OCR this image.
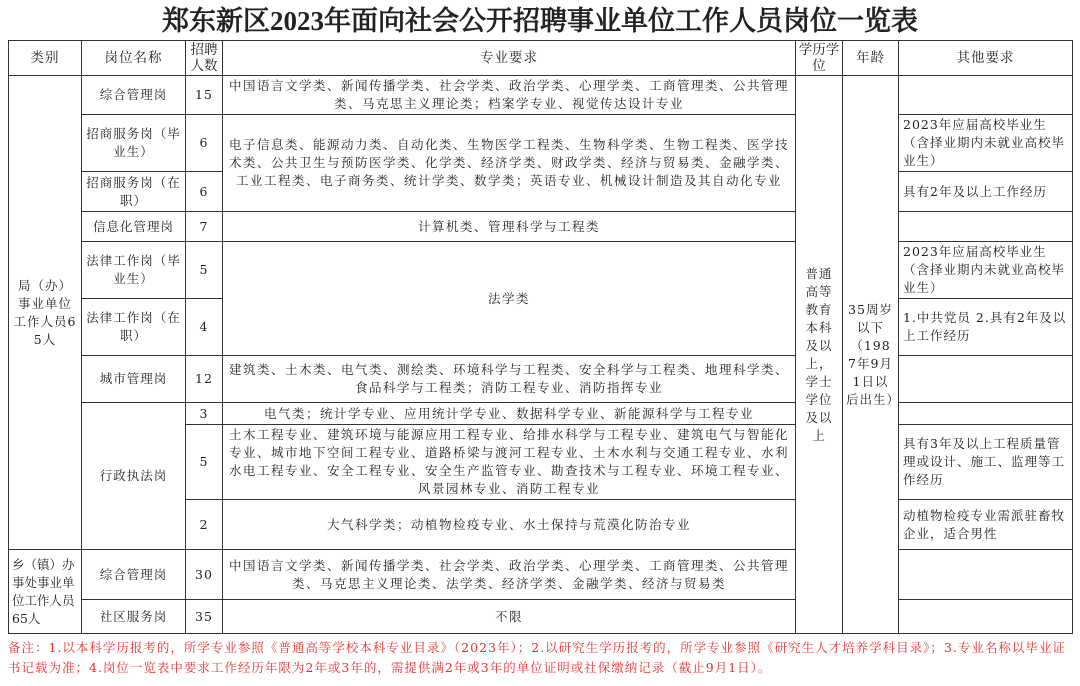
郑东新区2023年面向社会公开招聘事业单位工作人员岗位一览表
类别	岗位名称	招聘人数	专业要求	学历学位	年龄	其他要求
局（办）事业单位工作人员65人	综合管理岗	15	中国语言文学类、新闻传播学类、社会学类、政治学类、心理学类、工商管理类、公共管理类、马克思主义理论类；档案学专业、视觉传达设计专业	普通高等教育本科及以上，学士学位及以上	35周岁以下（1987年9月1日以后出生）	
	招商服务岗（毕业生）	6	电子信息类、能源动力类、自动化类、生物医学工程类、生物科学类、生物工程类、医学技术类、公共卫生与预防医学类、化学类、经济学类、财政学类、经济与贸易类、金融学类、工业工程类、电子商务类、统计学类、数学类；英语专业、机械设计制造及其自动化专业			2023年应届高校毕业生（含择业期内未就业高校毕业生）
	招商服务岗（在职）	6				具有2年及以上工作经历
	信息化管理岗	7	计算机类、管理科学与工程类			
	法律工作岗（毕业生）	5	法学类			2023年应届高校毕业生（含择业期内未就业高校毕业生）
	法律工作岗（在职）	4				1.中共党员 2.具有2年及以上工作经历
	城市管理岗	12	建筑类、土木类、电气类、测绘类、环境科学与工程类、安全科学与工程类、地理科学类、食品科学与工程类；消防工程专业、消防指挥专业			
	行政执法岗	3	电气类；统计学专业、应用统计学专业、数据科学专业、新能源科学与工程专业			
		5	土木工程专业、建筑环境与能源应用工程专业、给排水科学与工程专业、建筑电气与智能化专业、城市地下空间工程专业、道路桥梁与渡河工程专业、土木水利与交通工程专业、水利水电工程专业、安全工程专业、安全生产监管专业、勘查技术与工程专业、环境工程专业、风景园林专业、消防工程专业			具有3年及以上工程质量管理或设计、施工、监理等工作经历
		2	大气科学类；动植物检疫专业、水土保持与荒漠化防治专业			动植物检疫专业需派驻畜牧企业，适合男性
乡（镇）办事处事业单位工作人员65人	综合管理岗	30	中国语言文学类、新闻传播学类、社会学类、政治学类、心理学类、工商管理类、公共管理类、马克思主义理论类、法学类、经济学类、金融学类、经济与贸易类			
	社区服务岗	35	不限			
备注：1.以本科学历报考的，所学专业参照《普通高等学校本科专业目录》（2023年）；2.以研究生学历报考的，所学专业参照《研究生人才培养学科目录》；3.专业名称以毕业证书记载为准；4.岗位一览表中要求工作经历年限为2年或3年的，需提供满2年或3年的单位证明或社保缴纳记录（截止9月1日）。
